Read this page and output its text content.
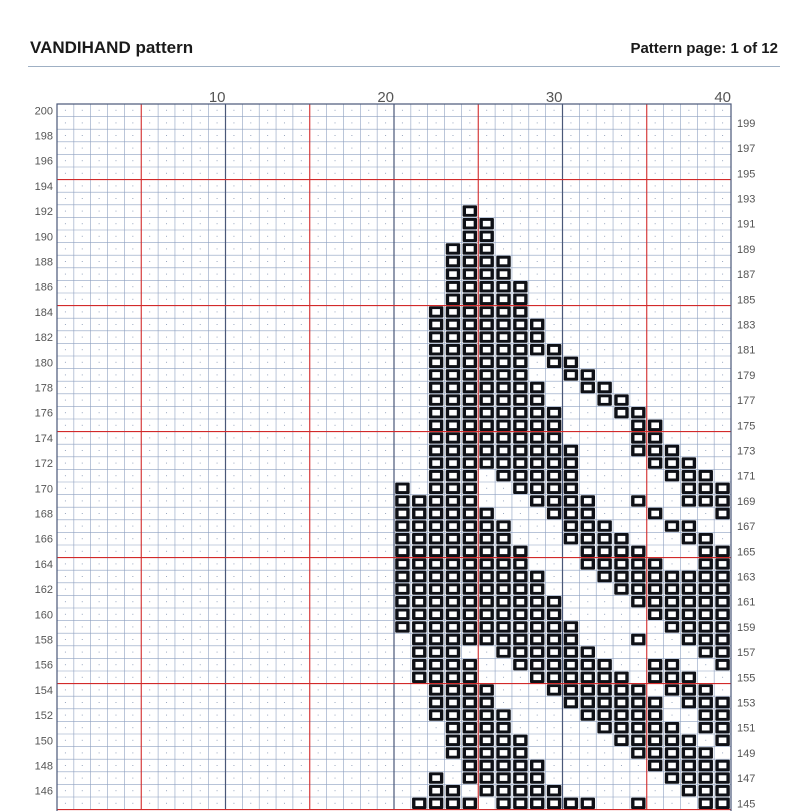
VANDIHAND pattern	Pattern page: 1 of 12
10	20	30	40
200
198
196
194
192
190
188
186
184
182
180
178
176
174
172
170
168
166
164
162
160
158
156
154
152
150
148
146
199
197
195
193
191
189
187
185
183
181
179
177
175
173
171
169
167
165
163
161
159
157
155
153
151
149
147
145
